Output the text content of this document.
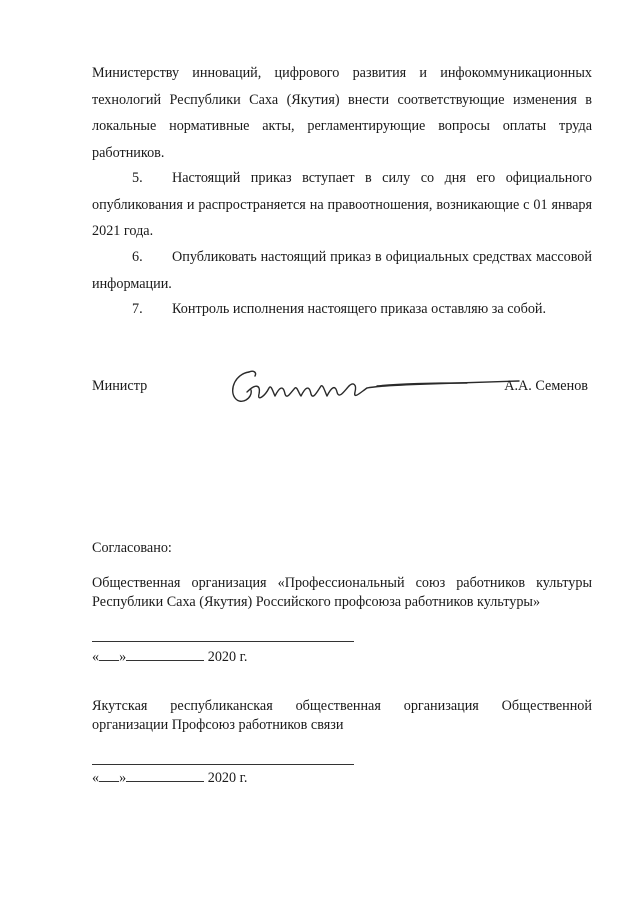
Министерству инноваций, цифрового развития и инфокоммуникационных технологий Республики Саха (Якутия) внести соответствующие изменения в локальные нормативные акты, регламентирующие вопросы оплаты труда работников.
5. Настоящий приказ вступает в силу со дня его официального опубликования и распространяется на правоотношения, возникающие с 01 января 2021 года.
6. Опубликовать настоящий приказ в официальных средствах массовой информации.
7. Контроль исполнения настоящего приказа оставляю за собой.
Министр	А.А. Семенов
Согласовано:
Общественная организация «Профессиональный союз работников культуры Республики Саха (Якутия) Российского профсоюза работников культуры»
« »	2020 г.
Якутская республиканская общественная организация Общественной организации Профсоюз работников связи
« »	2020 г.
